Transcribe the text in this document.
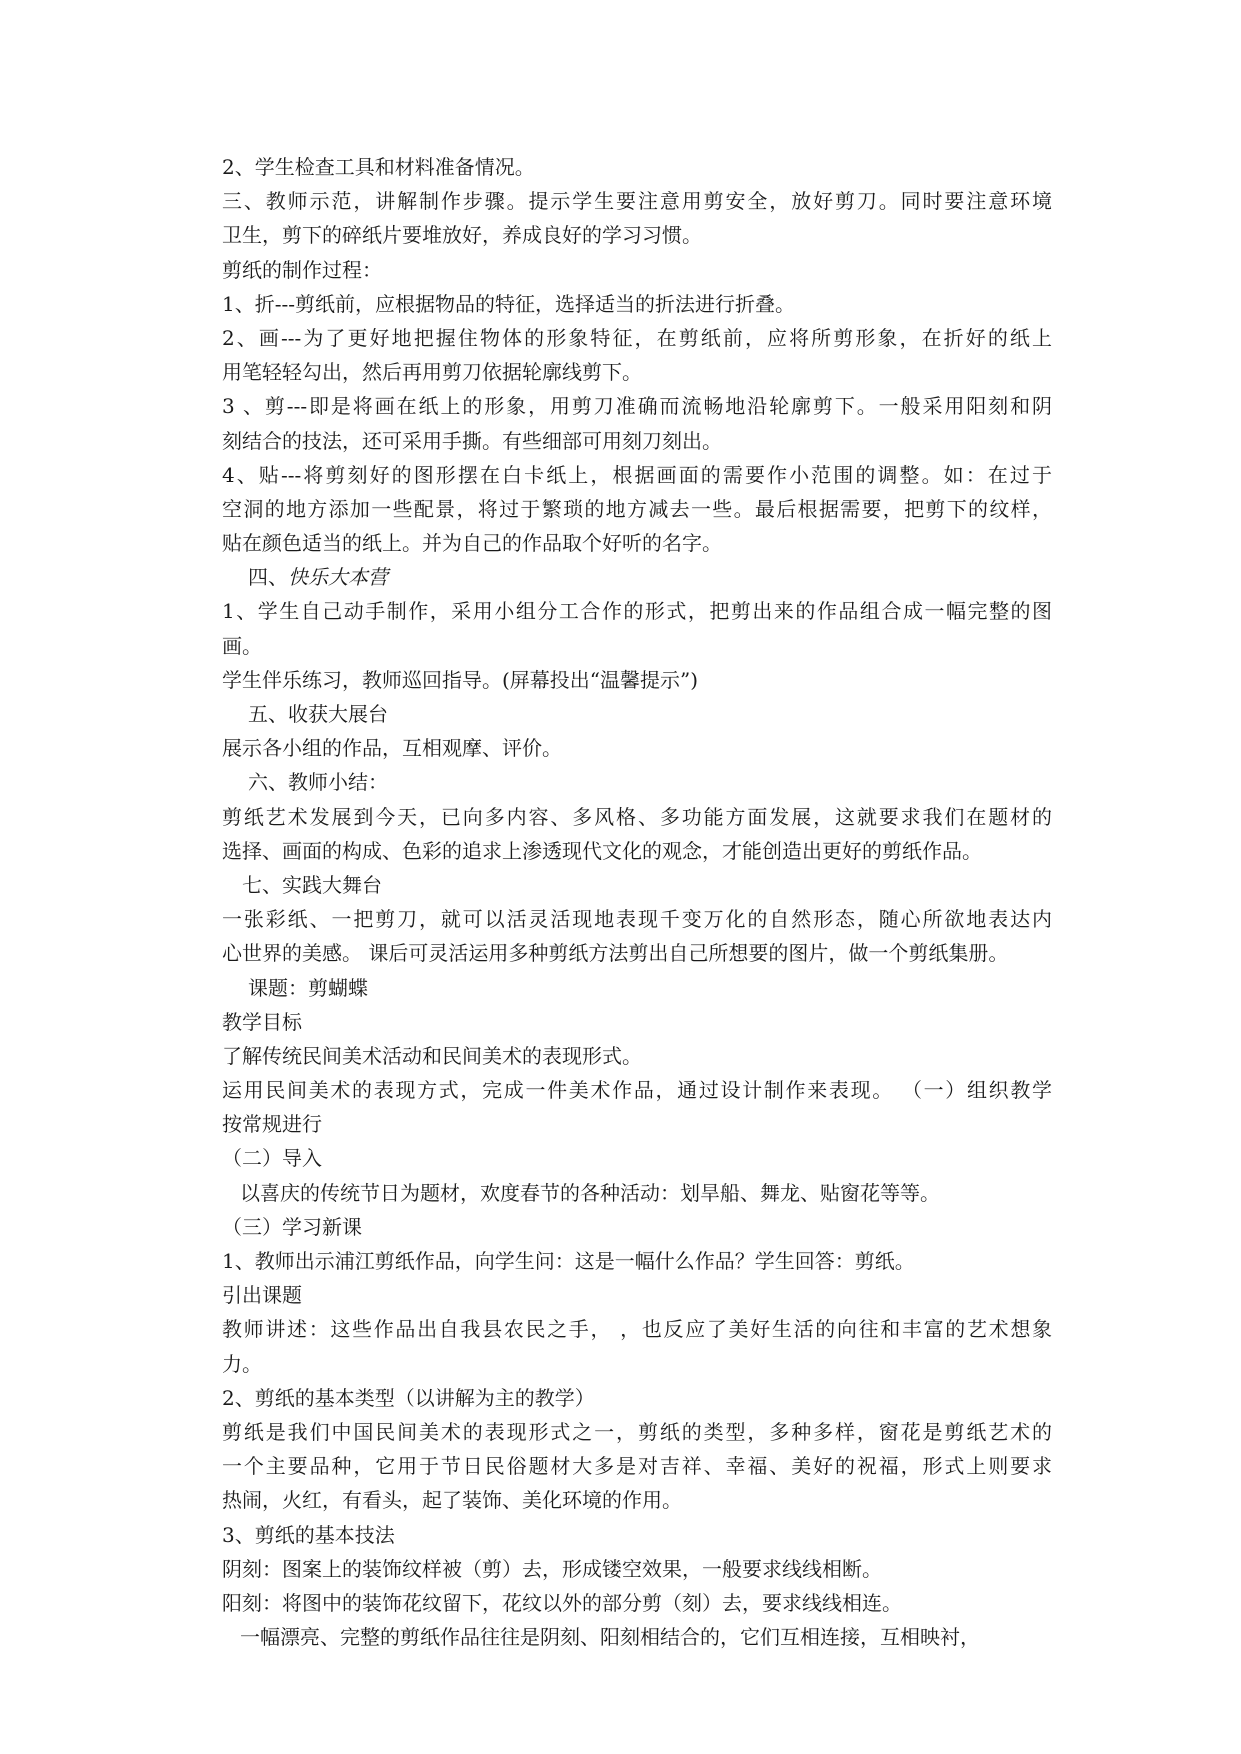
2、学生检查工具和材料准备情况。
三、教师示范，讲解制作步骤。提示学生要注意用剪安全，放好剪刀。同时要注意环境
卫生，剪下的碎纸片要堆放好，养成良好的学习习惯。
剪纸的制作过程：
1、折---剪纸前，应根据物品的特征，选择适当的折法进行折叠。
2、画---为了更好地把握住物体的形象特征，在剪纸前，应将所剪形象，在折好的纸上
用笔轻轻勾出，然后再用剪刀依据轮廓线剪下。
3 、剪---即是将画在纸上的形象，用剪刀准确而流畅地沿轮廓剪下。一般采用阳刻和阴
刻结合的技法，还可采用手撕。有些细部可用刻刀刻出。
4、贴---将剪刻好的图形摆在白卡纸上，根据画面的需要作小范围的调整。如：在过于
空洞的地方添加一些配景，将过于繁琐的地方减去一些。最后根据需要，把剪下的纹样，
贴在颜色适当的纸上。并为自己的作品取个好听的名字。
四、快乐大本营
1、学生自己动手制作，采用小组分工合作的形式，把剪出来的作品组合成一幅完整的图
画。
学生伴乐练习，教师巡回指导。(屏幕投出“温馨提示”)
五、收获大展台
展示各小组的作品，互相观摩、评价。
六、教师小结：
剪纸艺术发展到今天，已向多内容、多风格、多功能方面发展，这就要求我们在题材的
选择、画面的构成、色彩的追求上渗透现代文化的观念，才能创造出更好的剪纸作品。
七、实践大舞台
一张彩纸、一把剪刀，就可以活灵活现地表现千变万化的自然形态，随心所欲地表达内
心世界的美感。 课后可灵活运用多种剪纸方法剪出自己所想要的图片，做一个剪纸集册。
课题：剪蝴蝶
教学目标
了解传统民间美术活动和民间美术的表现形式。
运用民间美术的表现方式，完成一件美术作品，通过设计制作来表现。 （一）组织教学
按常规进行
（二）导入
以喜庆的传统节日为题材，欢度春节的各种活动：划旱船、舞龙、贴窗花等等。
（三）学习新课
1、教师出示浦江剪纸作品，向学生问：这是一幅什么作品？学生回答：剪纸。
引出课题
教师讲述：这些作品出自我县农民之手， ，也反应了美好生活的向往和丰富的艺术想象
力。
2、剪纸的基本类型（以讲解为主的教学）
剪纸是我们中国民间美术的表现形式之一，剪纸的类型，多种多样，窗花是剪纸艺术的
一个主要品种，它用于节日民俗题材大多是对吉祥、幸福、美好的祝福，形式上则要求
热闹，火红，有看头，起了装饰、美化环境的作用。
3、剪纸的基本技法
阴刻：图案上的装饰纹样被（剪）去，形成镂空效果，一般要求线线相断。
阳刻：将图中的装饰花纹留下，花纹以外的部分剪（刻）去，要求线线相连。
一幅漂亮、完整的剪纸作品往往是阴刻、阳刻相结合的，它们互相连接，互相映衬，
